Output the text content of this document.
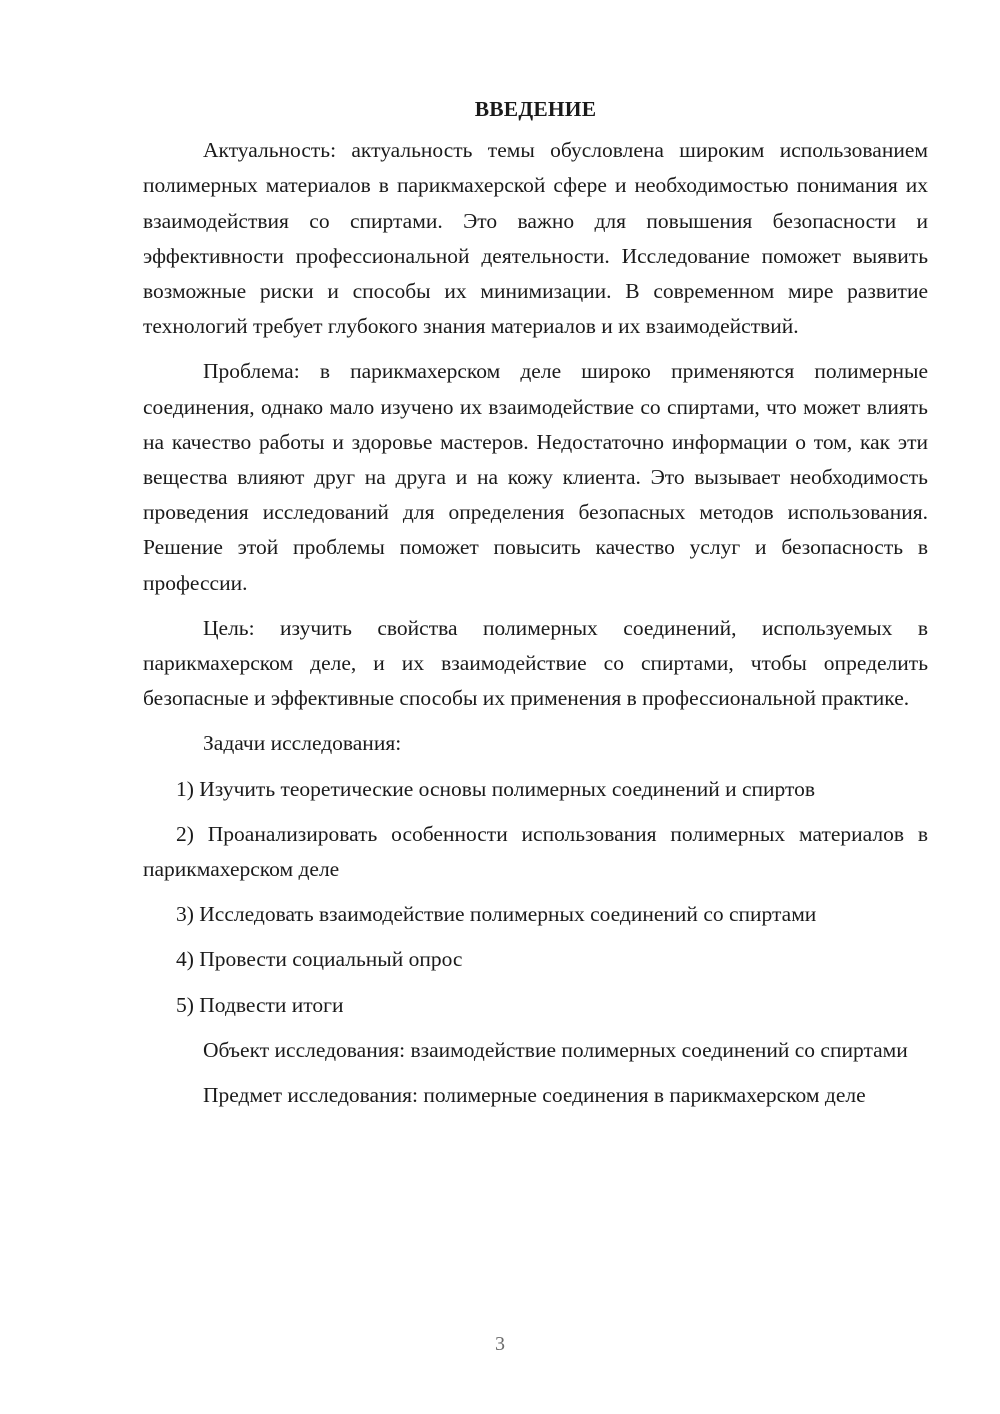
ВВЕДЕНИЕ

Актуальность: актуальность темы обусловлена широким использованием полимерных материалов в парикмахерской сфере и необходимостью понимания их взаимодействия со спиртами. Это важно для повышения безопасности и эффективности профессиональной деятельности. Исследование поможет выявить возможные риски и способы их минимизации. В современном мире развитие технологий требует глубокого знания материалов и их взаимодействий.

Проблема: в парикмахерском деле широко применяются полимерные соединения, однако мало изучено их взаимодействие со спиртами, что может влиять на качество работы и здоровье мастеров. Недостаточно информации о том, как эти вещества влияют друг на друга и на кожу клиента. Это вызывает необходимость проведения исследований для определения безопасных методов использования. Решение этой проблемы поможет повысить качество услуг и безопасность в профессии.

Цель: изучить свойства полимерных соединений, используемых в парикмахерском деле, и их взаимодействие со спиртами, чтобы определить безопасные и эффективные способы их применения в профессиональной практике.

Задачи исследования:

1) Изучить теоретические основы полимерных соединений и спиртов

2) Проанализировать особенности использования полимерных материалов в парикмахерском деле

3) Исследовать взаимодействие полимерных соединений со спиртами

4) Провести социальный опрос

5) Подвести итоги

Объект исследования: взаимодействие полимерных соединений со спиртами

Предмет исследования: полимерные соединения в парикмахерском деле

3
